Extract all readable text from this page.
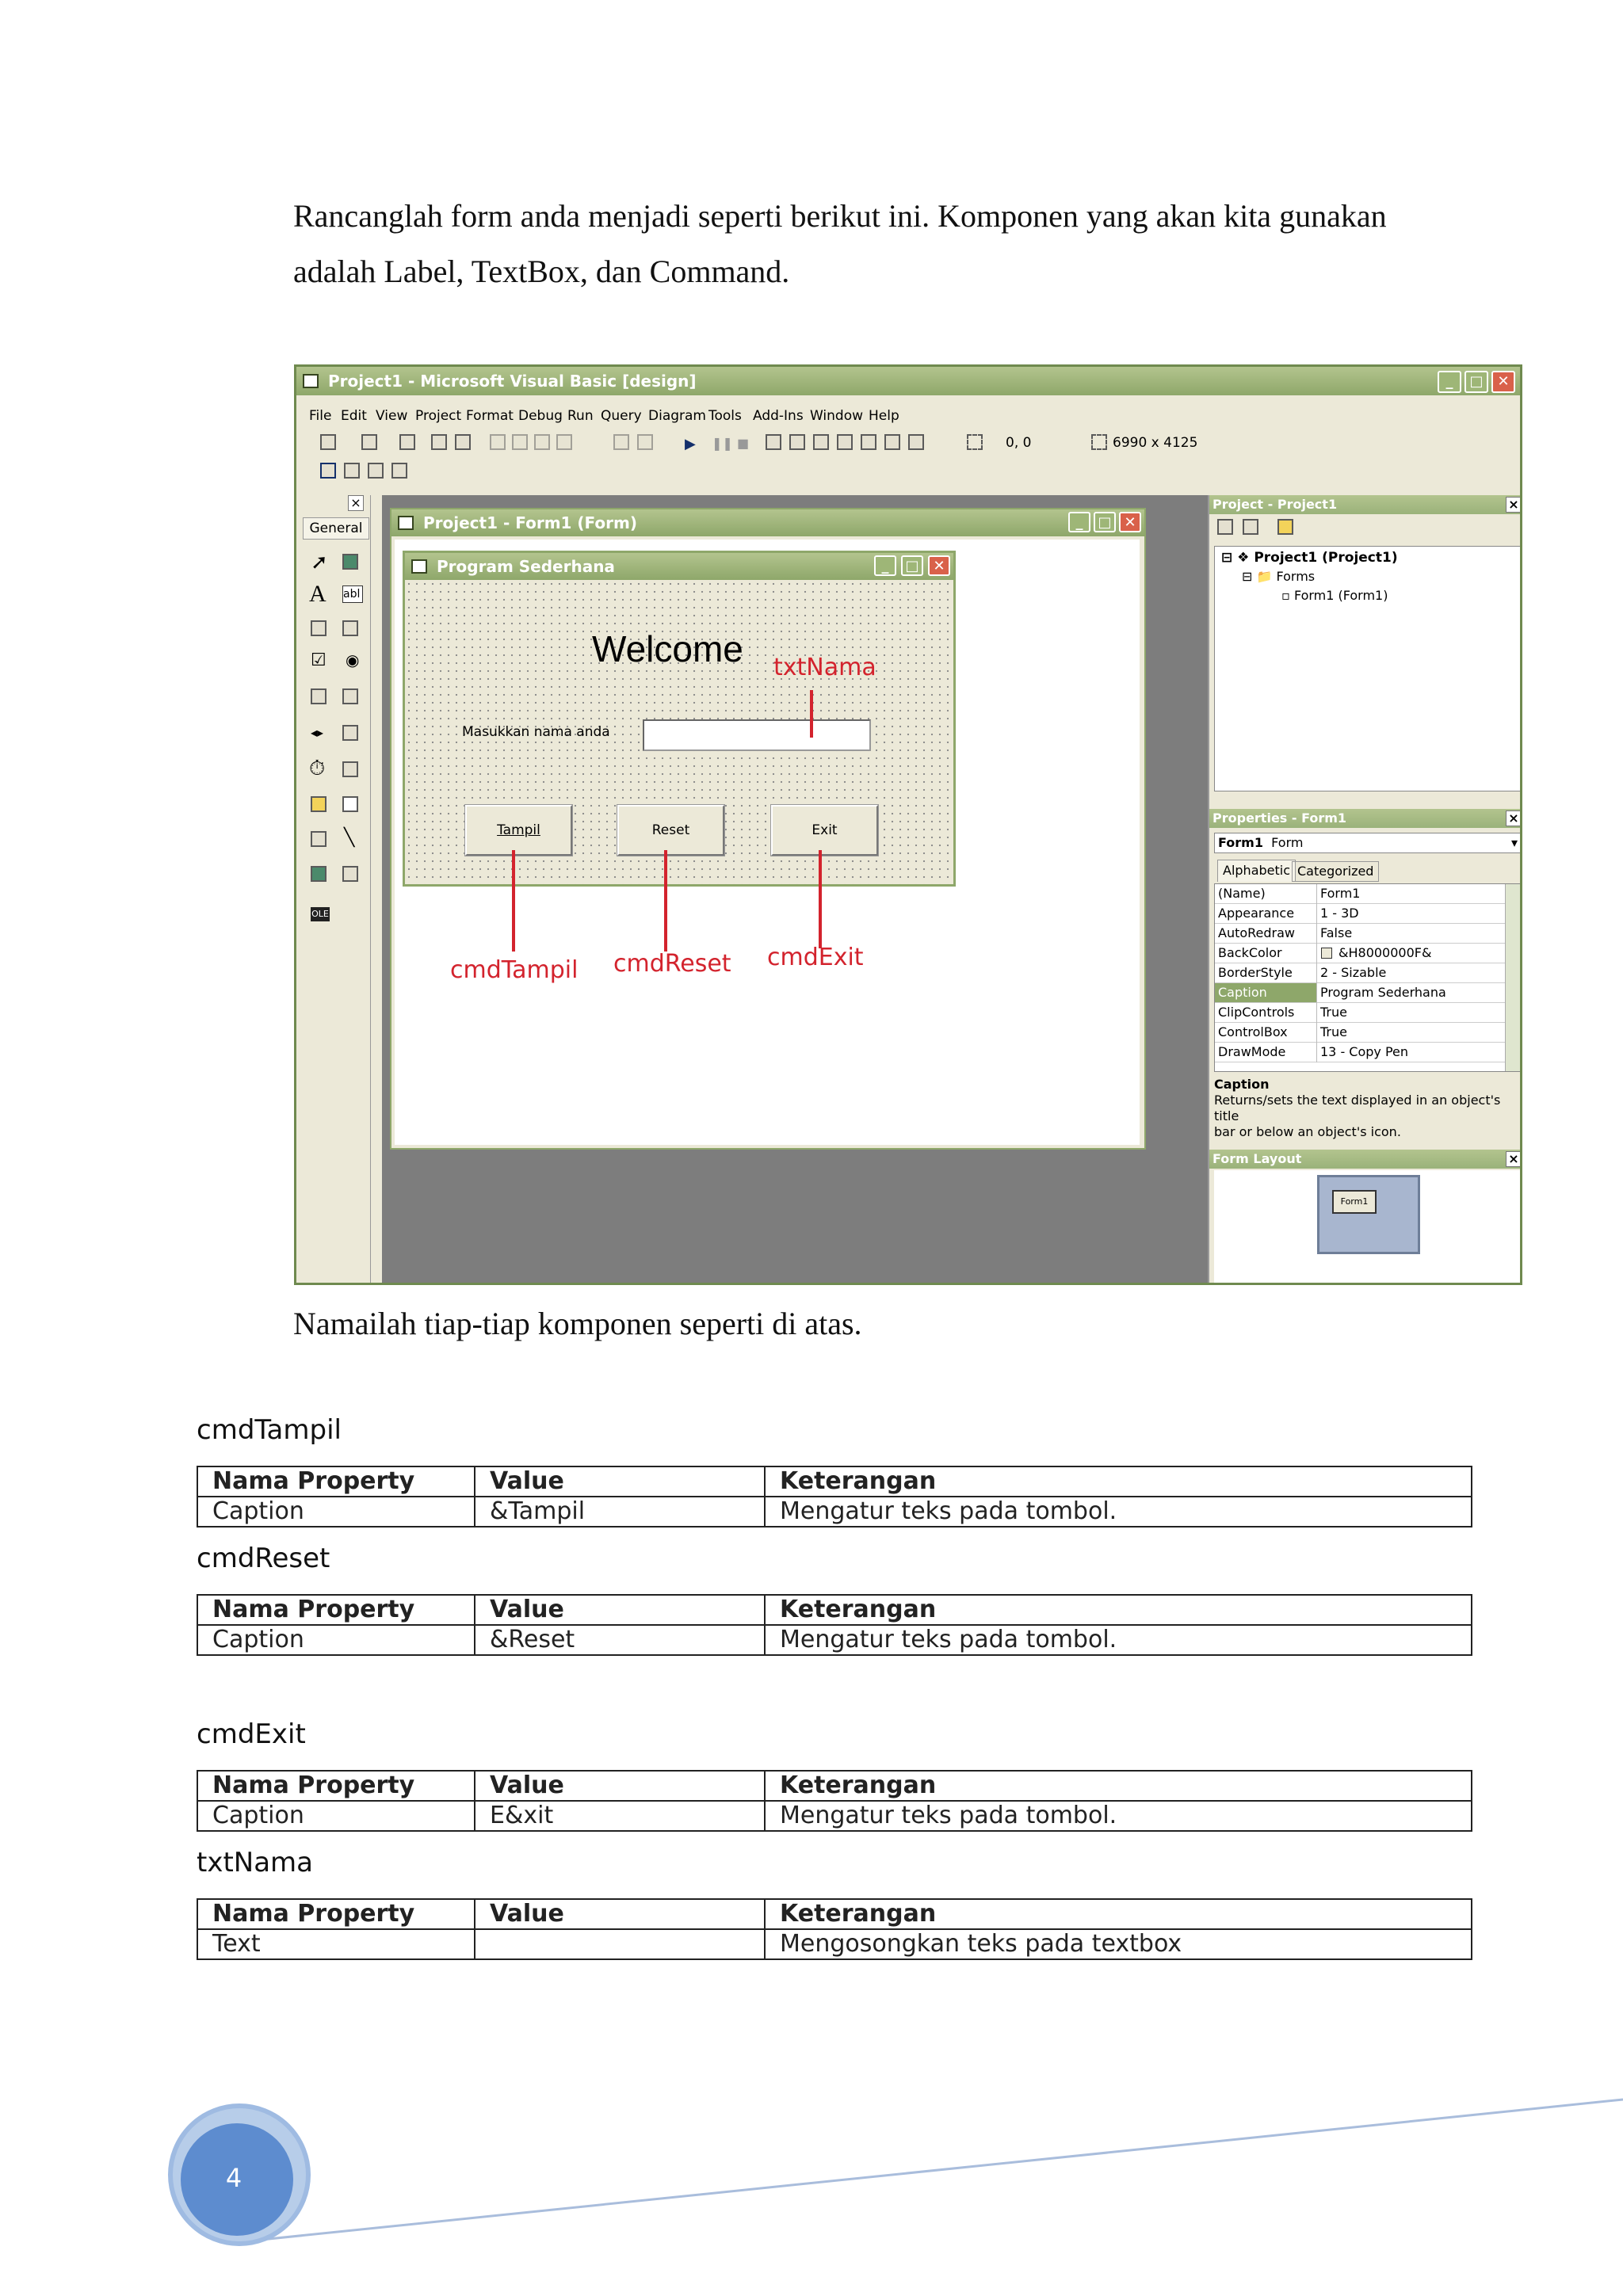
Rancanglah form anda menjadi seperti berikut ini. Komponen yang akan kita gunakan
adalah Label, TextBox, dan Command.
Project1 - Microsoft Visual Basic [design]	_	□ ✕
File Edit View Project Format Debug Run Query Diagram Tools Add-Ins Window Help
▶ ❚❚ ■	0, 0	6990 x 4125
×
General
➚
A abl
☑ ◉
◂▸
⏱
╲
OLE
Project1 - Form1 (Form)	_	□ ✕
Program Sederhana	_	□ ✕
Welcome
Masukkan nama anda
Tampil	Reset	Exit
txtNama
cmdTampil cmdReset cmdExit
Project - Project1	×
⊟ ❖ Project1 (Project1)
⊟ 📁 Forms
▫ Form1 (Form1)
Properties - Form1	×
Form1 Form	▾
Alphabetic Categorized
(Name)	Form1
Appearance 1 - 3D
AutoRedraw False
BackColor	&H8000000F&
BorderStyle 2 - Sizable
Caption	Program Sederhana
ClipControls True
ControlBox	True
DrawMode	13 - Copy Pen
Caption
Returns/sets the text displayed in an object's title
bar or below an object's icon.
Form Layout	×
Form1
Namailah tiap-tiap komponen seperti di atas.
cmdTampil
Nama Property	Value	Keterangan
Caption	&Tampil	Mengatur teks pada tombol.
cmdReset
Nama Property	Value	Keterangan
Caption	&Reset	Mengatur teks pada tombol.
cmdExit
Nama Property	Value	Keterangan
Caption	E&xit	Mengatur teks pada tombol.
txtNama
Nama Property	Value	Keterangan
Text		Mengosongkan teks pada textbox
4
